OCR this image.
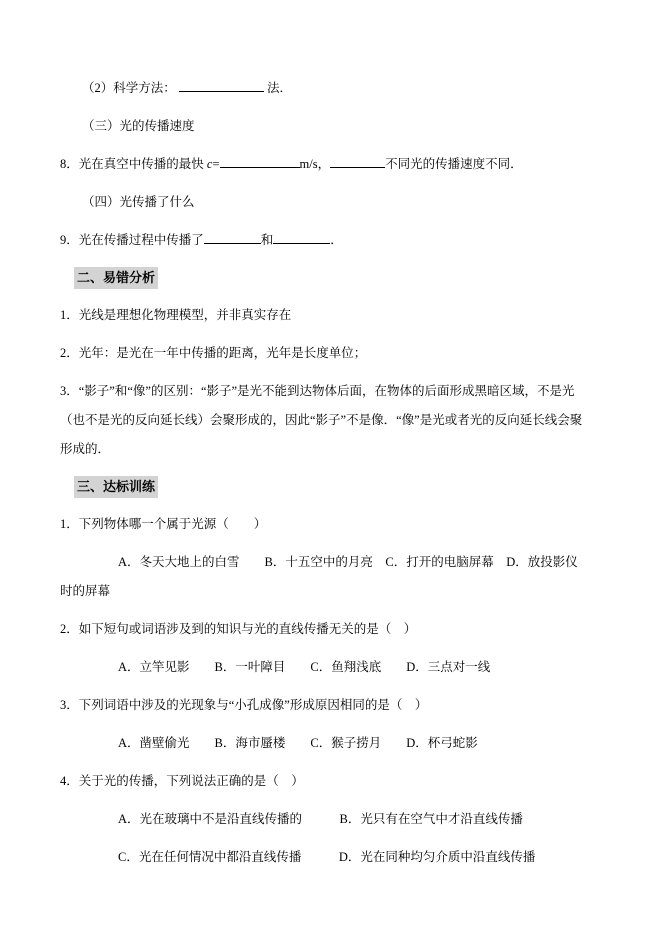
（2）科学方法：	法．

（三）光的传播速度

8．光在真空中传播的最快 c=	m/s，	不同光的传播速度不同．

（四）光传播了什么

9．光在传播过程中传播了	和	．

二、易错分析

1．光线是理想化物理模型，并非真实存在

2．光年：是光在一年中传播的距离，光年是长度单位；

3．“影子”和“像”的区别：“影子”是光不能到达物体后面，在物体的后面形成黑暗区域，不是光（也不是光的反向延长线）会聚形成的，因此“影子”不是像．“像”是光或者光的反向延长线会聚形成的．

三、达标训练

1．下列物体哪一个属于光源（　　）

A．冬天大地上的白雪　　B．十五空中的月亮　C．打开的电脑屏幕　D．放投影仪时的屏幕

2．如下短句或词语涉及到的知识与光的直线传播无关的是（　）

A．立竿见影　　B．一叶障目　　C．鱼翔浅底　　D．三点对一线

3．下列词语中涉及的光现象与“小孔成像”形成原因相同的是（　）

A．凿壁偷光　　B．海市蜃楼　　C．猴子捞月　　D．杯弓蛇影

4．关于光的传播，下列说法正确的是（　）

A．光在玻璃中不是沿直线传播的　　　B．光只有在空气中才沿直线传播

C．光在任何情况中都沿直线传播　　　D．光在同种均匀介质中沿直线传播
